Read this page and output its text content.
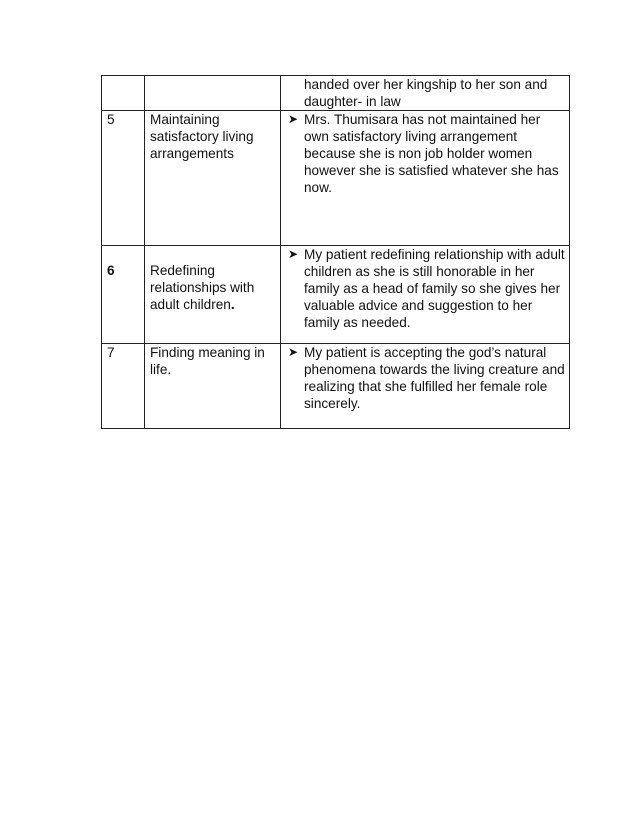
		handed over her kingship to her son and daughter- in law

5	Maintaining satisfactory living arrangements	➤ Mrs. Thumisara has not maintained her own satisfactory living arrangement because she is non job holder women however she is satisfied whatever she has now.

6	Redefining relationships with adult children.	➤ My patient redefining relationship with adult children as she is still honorable in her family as a head of family so she gives her valuable advice and suggestion to her family as needed.

7	Finding meaning in life.	➤ My patient is accepting the god’s natural phenomena towards the living creature and realizing that she fulfilled her female role sincerely.
